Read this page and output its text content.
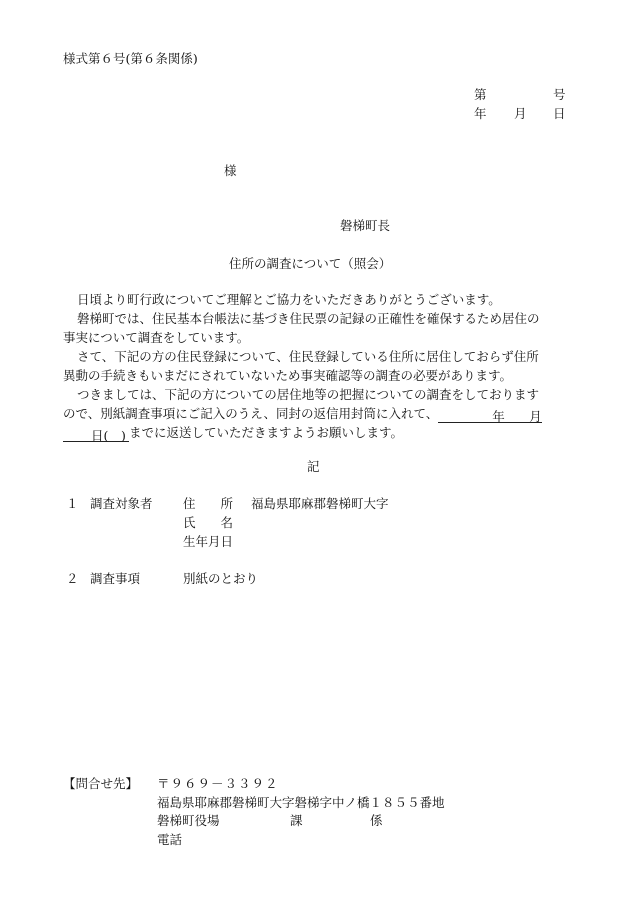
様式第６号(第６条関係)
第	号
年 月 日
様
磐梯町長
住所の調査について（照会）
日頃より町行政についてご理解とご協力をいただきありがとうございます。
磐梯町では、住民基本台帳法に基づき住民票の記録の正確性を確保するため居住の
事実について調査をしています。
さて、下記の方の住民登録について、住民登録している住所に居住しておらず住所
異動の手続きもいまだにされていないため事実確認等の調査の必要があります。
つきましては、下記の方についての居住地等の把握についての調査をしております
ので、別紙調査事項にご記入のうえ、同封の返信用封筒に入れて、	年 月
日( ) までに返送していただきますようお願いします。
記
１ 調査対象者 住　　所 福島県耶麻郡磐梯町大字
氏　　名
生年月日
２ 調査事項	別紙のとおり
【問合せ先】 〒９６９－３３９２
福島県耶麻郡磐梯町大字磐梯字中ノ橋１８５５番地
磐梯町役場	課	係
電話
